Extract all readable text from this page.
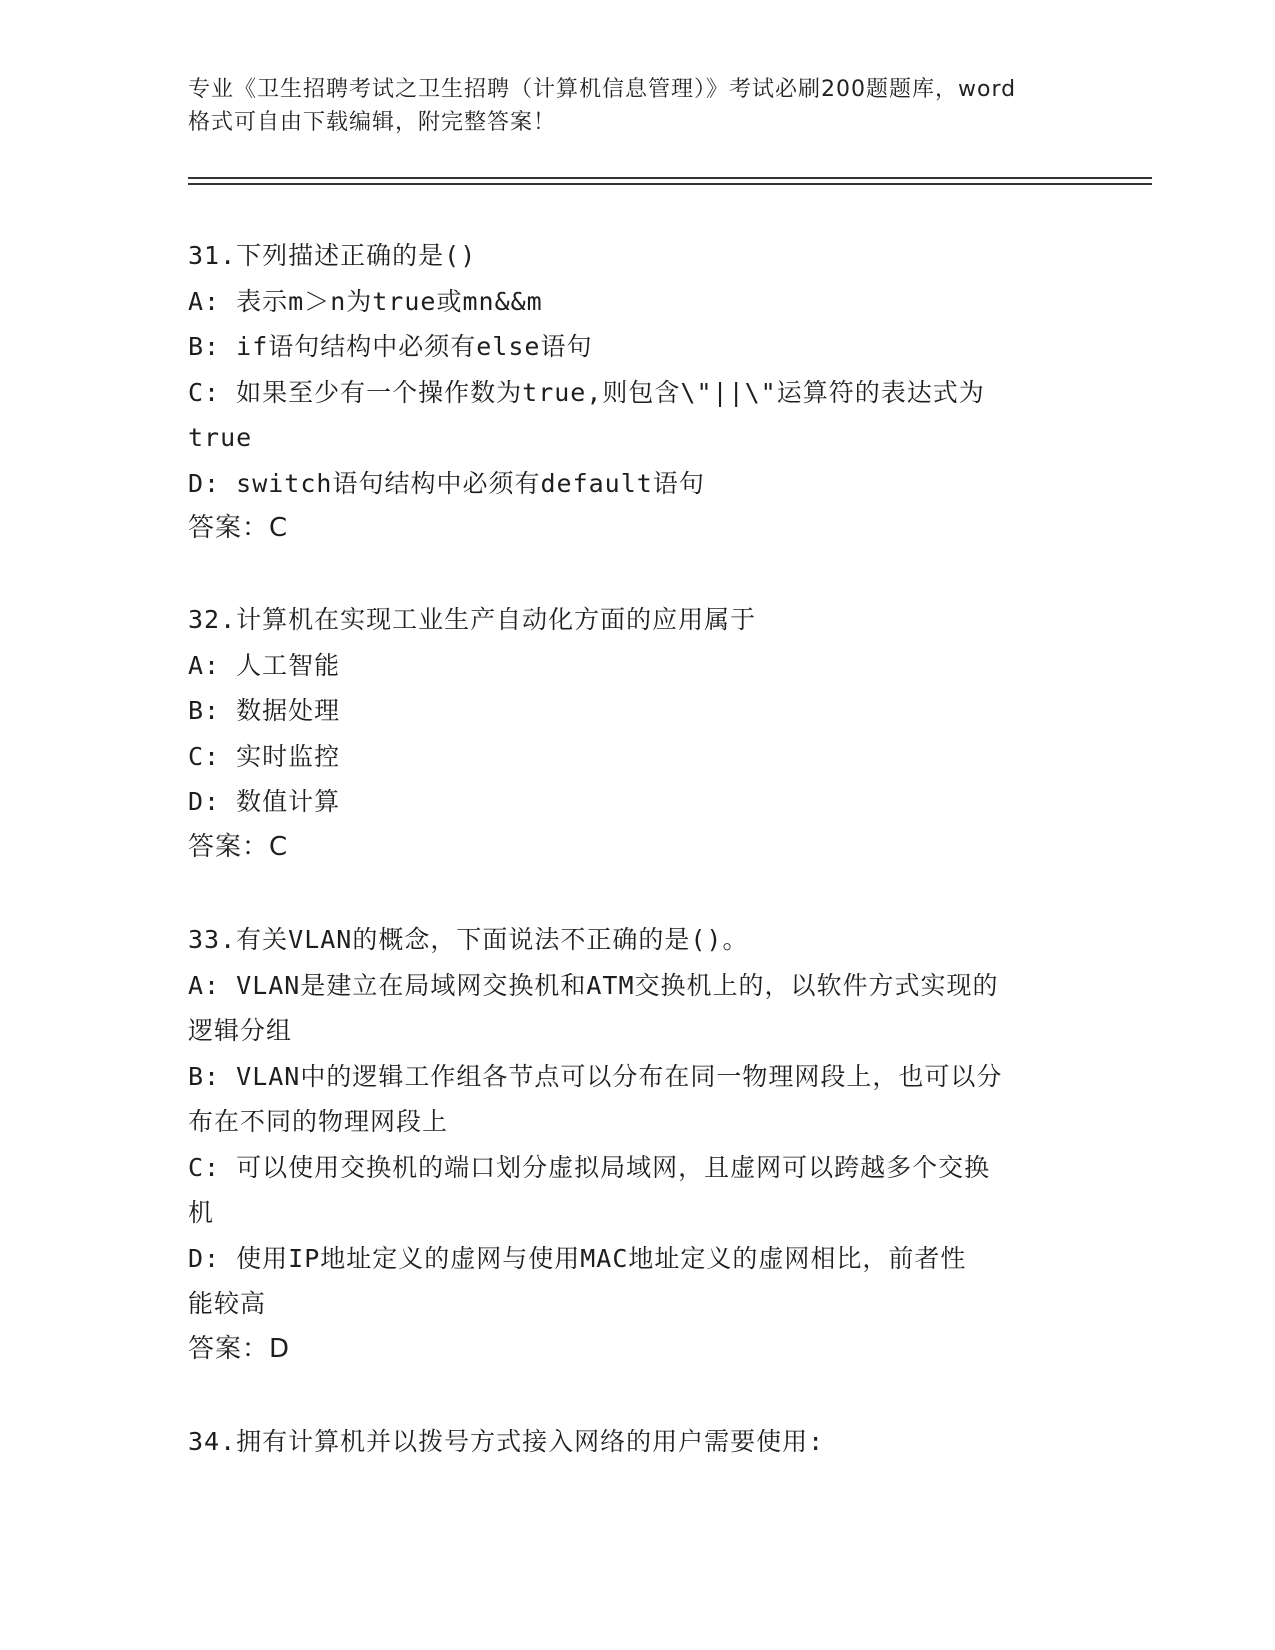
专业《卫生招聘考试之卫生招聘（计算机信息管理）》考试必刷200题题库，word
格式可自由下载编辑，附完整答案！
31.下列描述正确的是()
A: 表示m＞n为true或mn&&m
B: if语句结构中必须有else语句
C: 如果至少有一个操作数为true,则包含\"||\"运算符的表达式为
true
D: switch语句结构中必须有default语句
答案：C
32.计算机在实现工业生产自动化方面的应用属于
A: 人工智能
B: 数据处理
C: 实时监控
D: 数值计算
答案：C
33.有关VLAN的概念，下面说法不正确的是()。
A: VLAN是建立在局域网交换机和ATM交换机上的，以软件方式实现的
逻辑分组
B: VLAN中的逻辑工作组各节点可以分布在同一物理网段上，也可以分
布在不同的物理网段上
C: 可以使用交换机的端口划分虚拟局域网，且虚网可以跨越多个交换
机
D: 使用IP地址定义的虚网与使用MAC地址定义的虚网相比，前者性
能较高
答案：D
34.拥有计算机并以拨号方式接入网络的用户需要使用:
